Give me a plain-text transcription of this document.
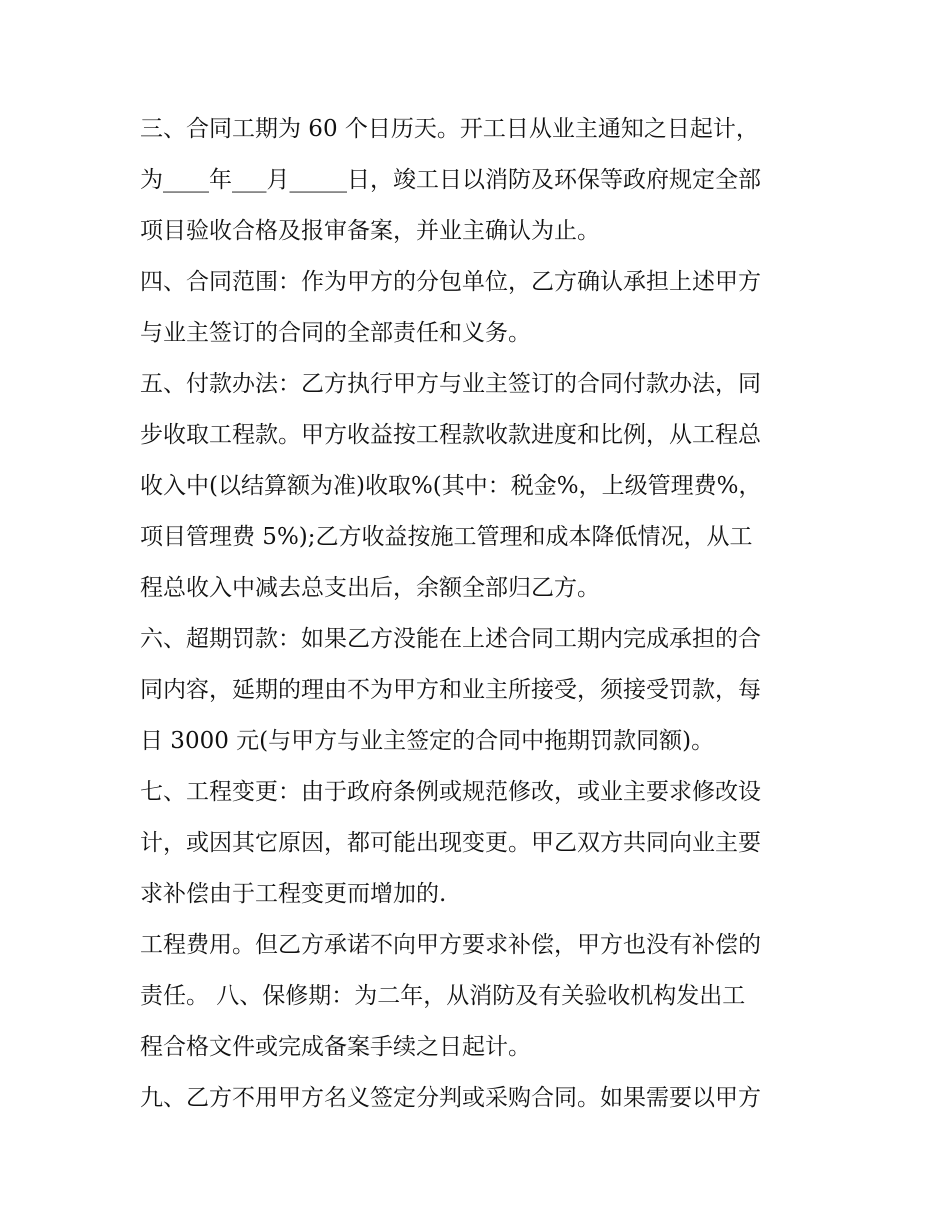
三、合同工期为 60 个日历天。开工日从业主通知之日起计，
为____年___月_____日，竣工日以消防及环保等政府规定全部
项目验收合格及报审备案，并业主确认为止。
四、合同范围：作为甲方的分包单位，乙方确认承担上述甲方
与业主签订的合同的全部责任和义务。
五、付款办法：乙方执行甲方与业主签订的合同付款办法，同
步收取工程款。甲方收益按工程款收款进度和比例，从工程总
收入中(以结算额为准)收取%(其中：税金%，上级管理费%，
项目管理费 5%);乙方收益按施工管理和成本降低情况，从工
程总收入中减去总支出后，余额全部归乙方。
六、超期罚款：如果乙方没能在上述合同工期内完成承担的合
同内容，延期的理由不为甲方和业主所接受，须接受罚款，每
日 3000 元(与甲方与业主签定的合同中拖期罚款同额)。
七、工程变更：由于政府条例或规范修改，或业主要求修改设
计，或因其它原因，都可能出现变更。甲乙双方共同向业主要
求补偿由于工程变更而增加的.
工程费用。但乙方承诺不向甲方要求补偿，甲方也没有补偿的
责任。 八、保修期：为二年，从消防及有关验收机构发出工
程合格文件或完成备案手续之日起计。
九、乙方不用甲方名义签定分判或采购合同。如果需要以甲方
